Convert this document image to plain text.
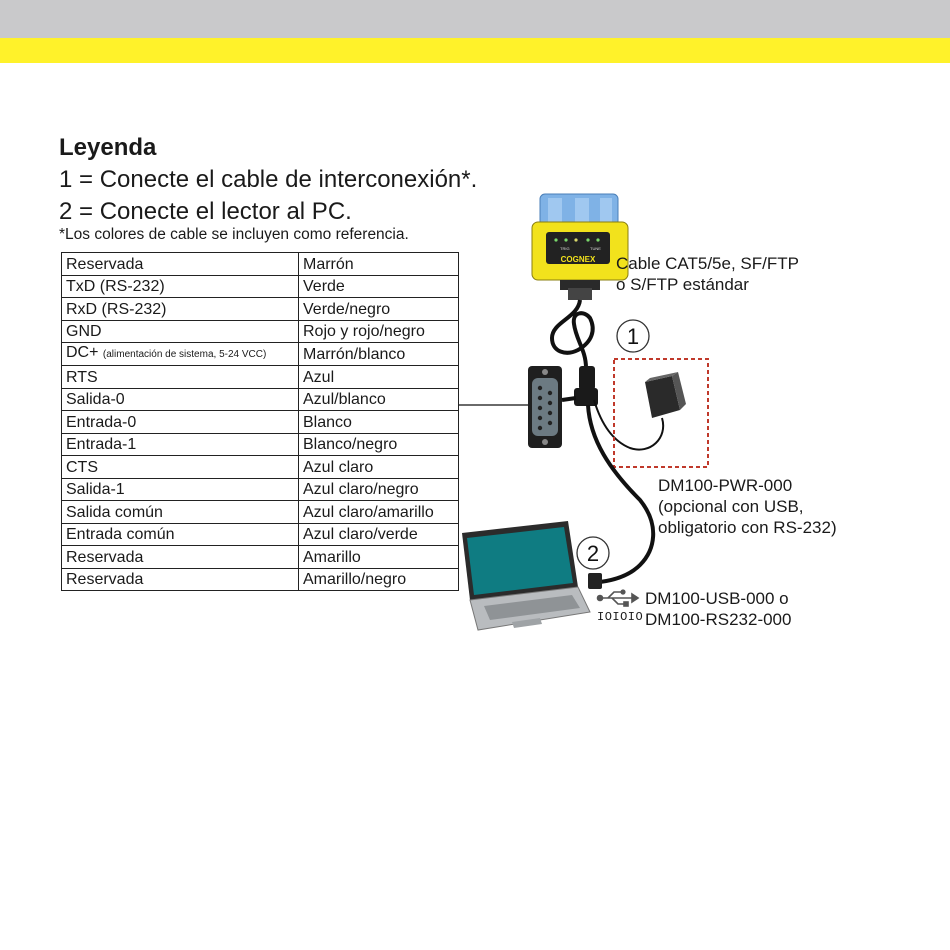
Leyenda
1 = Conecte el cable de interconexión*.
2 = Conecte el lector al PC.
*Los colores de cable se incluyen como referencia.
Reservada	Marrón
TxD (RS-232)	Verde
RxD (RS-232)	Verde/negro
GND	Rojo y rojo/negro
DC+ (alimentación de sistema, 5-24 VCC)	Marrón/blanco
RTS	Azul
Salida-0	Azul/blanco
Entrada-0	Blanco
Entrada-1	Blanco/negro
CTS	Azul claro
Salida-1	Azul claro/negro
Salida común	Azul claro/amarillo
Entrada común	Azul claro/verde
Reservada	Amarillo
Reservada	Amarillo/negro
TRIG	TUNE
COGNEX
1
2
IOIOIO
Cable CAT5/5e, SF/FTP
o S/FTP estándar
DM100-PWR-000
(opcional con USB,
obligatorio con RS-232)
DM100-USB-000 o
DM100-RS232-000
